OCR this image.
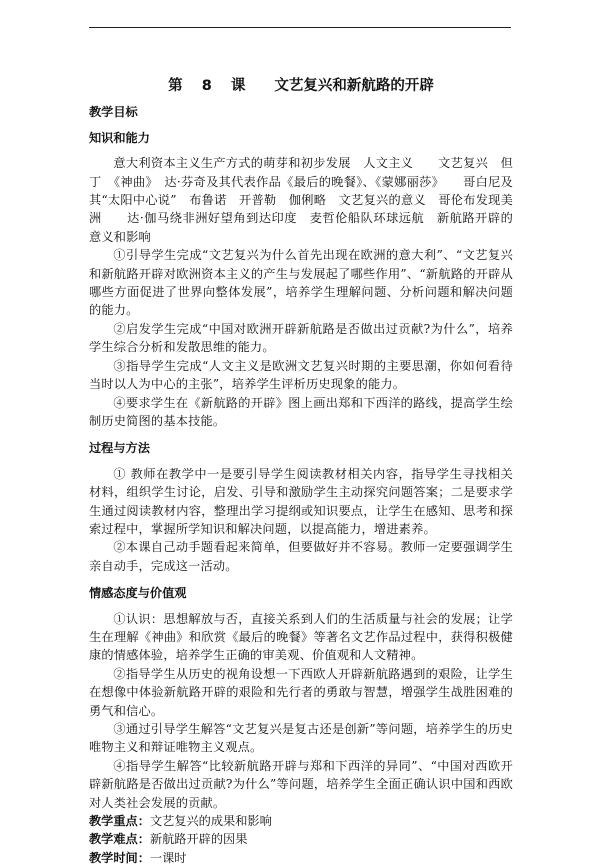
第 8 课　　文艺复兴和新航路的开辟
教学目标
知识和能力

意大利资本主义生产方式的萌芽和初步发展　人文主义　　文艺复兴　但丁　《神曲》　达·芬奇及其代表作品《最后的晚餐》、《蒙娜丽莎》　　哥白尼及其“太阳中心说”　布鲁诺　开普勒　伽俐略　文艺复兴的意义　哥伦布发现美洲　　达·伽马绕非洲好望角到达印度　麦哲伦船队环球远航　新航路开辟的意义和影响

①引导学生完成“文艺复兴为什么首先出现在欧洲的意大利”、“文艺复兴和新航路开辟对欧洲资本主义的产生与发展起了哪些作用”、“新航路的开辟从哪些方面促进了世界向整体发展”，培养学生理解问题、分析问题和解决问题的能力。

②启发学生完成“中国对欧洲开辟新航路是否做出过贡献?为什么”，培养学生综合分析和发散思维的能力。

③指导学生完成“人文主义是欧洲文艺复兴时期的主要思潮，你如何看待当时以人为中心的主张”，培养学生评析历史现象的能力。

④要求学生在《新航路的开辟》图上画出郑和下西洋的路线，提高学生绘制历史简图的基本技能。

过程与方法

① 教师在教学中一是要引导学生阅读教材相关内容，指导学生寻找相关材料，组织学生讨论，启发、引导和激励学生主动探究问题答案；二是要求学生通过阅读教材内容，整理出学习提纲或知识要点，让学生在感知、思考和探索过程中，掌握所学知识和解决问题，以提高能力，增进素养。

②本课自己动手题看起来简单，但要做好并不容易。教师一定要强调学生亲自动手，完成这一活动。

情感态度与价值观

①认识：思想解放与否，直接关系到人们的生活质量与社会的发展；让学生在理解《神曲》和欣赏《最后的晚餐》等著名文艺作品过程中，获得积极健康的情感体验，培养学生正确的审美观、价值观和人文精神。

②指导学生从历史的视角设想一下西欧人开辟新航路遇到的艰险，让学生在想像中体验新航路开辟的艰险和先行者的勇敢与智慧，增强学生战胜困难的勇气和信心。

③通过引导学生解答“文艺复兴是复古还是创新”等问题，培养学生的历史唯物主义和辩证唯物主义观点。

④指导学生解答“比较新航路开辟与郑和下西洋的异同”、“中国对西欧开辟新航路是否做出过贡献?为什么”等问题，培养学生全面正确认识中国和西欧对人类社会发展的贡献。

教学重点：文艺复兴的成果和影响

教学难点：新航路开辟的因果

教学时间：一课时
